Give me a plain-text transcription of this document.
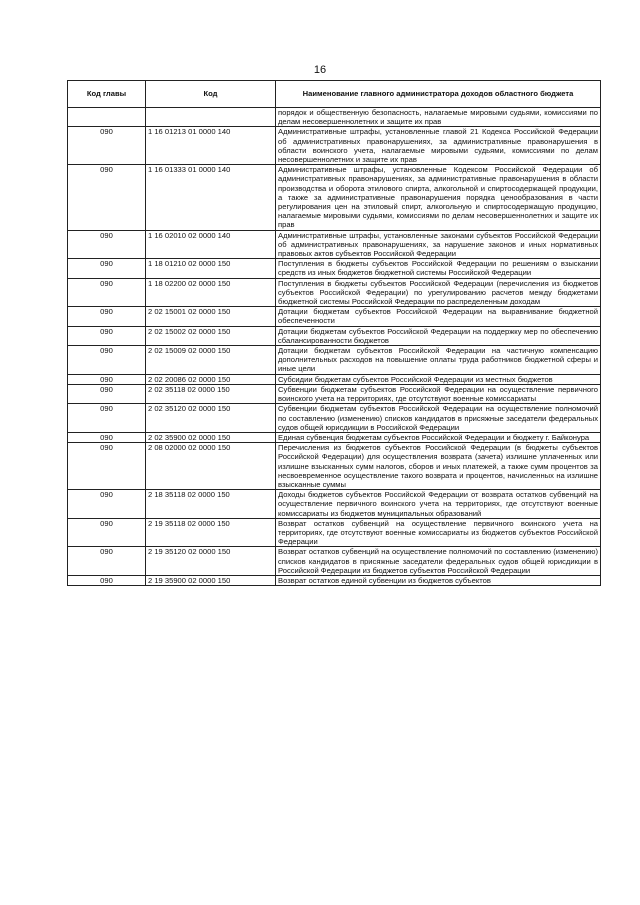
16
Код главы	Код	Наименование главного администратора доходов областного бюджета
		порядок и общественную безопасность, налагаемые мировыми судьями, комиссиями по делам несовершеннолетних и защите их прав
090	1 16 01213 01 0000 140	Административные штрафы, установленные главой 21 Кодекса Российской Федерации об административных правонарушениях, за административные правонарушения в области воинского учета, налагаемые мировыми судьями, комиссиями по делам несовершеннолетних и защите их прав
090	1 16 01333 01 0000 140	Административные штрафы, установленные Кодексом Российской Федерации об административных правонарушениях, за административные правонарушения в области производства и оборота этилового спирта, алкогольной и спиртосодержащей продукции, а также за административные правонарушения порядка ценообразования в части регулирования цен на этиловый спирт, алкогольную и спиртосодержащую продукцию, налагаемые мировыми судьями, комиссиями по делам несовершеннолетних и защите их прав
090	1 16 02010 02 0000 140	Административные штрафы, установленные законами субъектов Российской Федерации об административных правонарушениях, за нарушение законов и иных нормативных правовых актов субъектов Российской Федерации
090	1 18 01210 02 0000 150	Поступления в бюджеты субъектов Российской Федерации по решениям о взыскании средств из иных бюджетов бюджетной системы Российской Федерации
090	1 18 02200 02 0000 150	Поступления в бюджеты субъектов Российской Федерации (перечисления из бюджетов субъектов Российской Федерации) по урегулированию расчетов между бюджетами бюджетной системы Российской Федерации по распределенным доходам
090	2 02 15001 02 0000 150	Дотации бюджетам субъектов Российской Федерации на выравнивание бюджетной обеспеченности
090	2 02 15002 02 0000 150	Дотации бюджетам субъектов Российской Федерации на поддержку мер по обеспечению сбалансированности бюджетов
090	2 02 15009 02 0000 150	Дотации бюджетам субъектов Российской Федерации на частичную компенсацию дополнительных расходов на повышение оплаты труда работников бюджетной сферы и иные цели
090	2 02 20086 02 0000 150	Субсидии бюджетам субъектов Российской Федерации из местных бюджетов
090	2 02 35118 02 0000 150	Субвенции бюджетам субъектов Российской Федерации на осуществление первичного воинского учета на территориях, где отсутствуют военные комиссариаты
090	2 02 35120 02 0000 150	Субвенции бюджетам субъектов Российской Федерации на осуществление полномочий по составлению (изменению) списков кандидатов в присяжные заседатели федеральных судов общей юрисдикции в Российской Федерации
090	2 02 35900 02 0000 150	Единая субвенция бюджетам субъектов Российской Федерации и бюджету г. Байконура
090	2 08 02000 02 0000 150	Перечисления из бюджетов субъектов Российской Федерации (в бюджеты субъектов Российской Федерации) для осуществления возврата (зачета) излишне уплаченных или излишне взысканных сумм налогов, сборов и иных платежей, а также сумм процентов за несвоевременное осуществление такого возврата и процентов, начисленных на излишне взысканные суммы
090	2 18 35118 02 0000 150	Доходы бюджетов субъектов Российской Федерации от возврата остатков субвенций на осуществление первичного воинского учета на территориях, где отсутствуют военные комиссариаты из бюджетов муниципальных образований
090	2 19 35118 02 0000 150	Возврат остатков субвенций на осуществление первичного воинского учета на территориях, где отсутствуют военные комиссариаты из бюджетов субъектов Российской Федерации
090	2 19 35120 02 0000 150	Возврат остатков субвенций на осуществление полномочий по составлению (изменению) списков кандидатов в присяжные заседатели федеральных судов общей юрисдикции в Российской Федерации из бюджетов субъектов Российской Федерации
090	2 19 35900 02 0000 150	Возврат остатков единой субвенции из бюджетов субъектов
